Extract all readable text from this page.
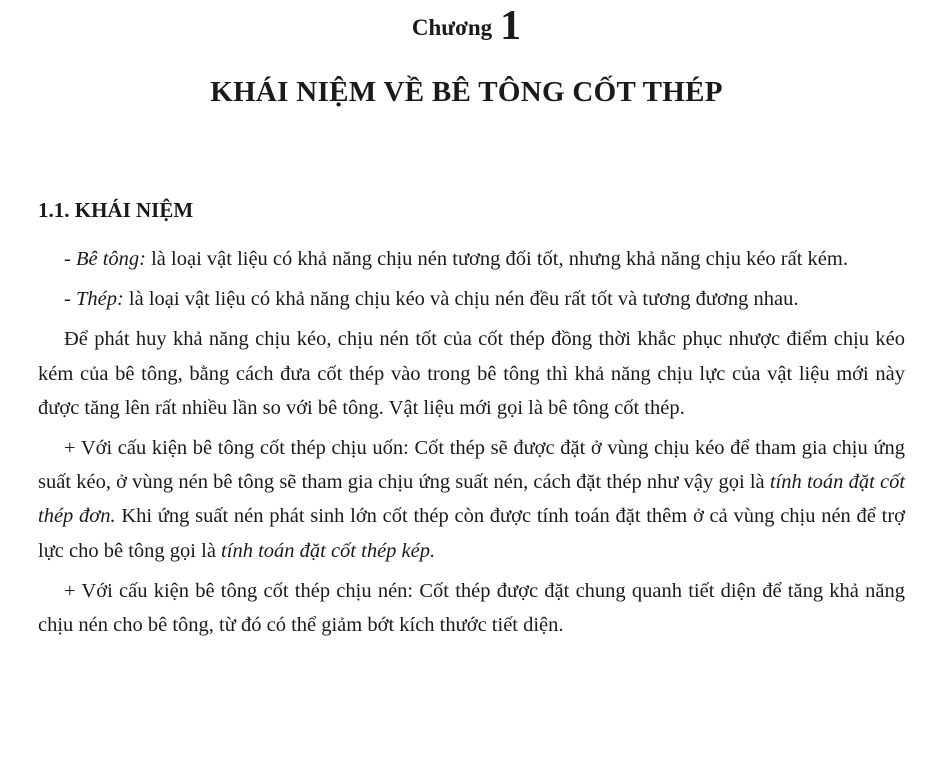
Chương 1
KHÁI NIỆM VỀ BÊ TÔNG CỐT THÉP
1.1. KHÁI NIỆM

- Bê tông: là loại vật liệu có khả năng chịu nén tương đối tốt, nhưng khả năng chịu kéo rất kém.

- Thép: là loại vật liệu có khả năng chịu kéo và chịu nén đều rất tốt và tương đương nhau.

Để phát huy khả năng chịu kéo, chịu nén tốt của cốt thép đồng thời khắc phục nhược điểm chịu kéo kém của bê tông, bằng cách đưa cốt thép vào trong bê tông thì khả năng chịu lực của vật liệu mới này được tăng lên rất nhiều lần so với bê tông. Vật liệu mới gọi là bê tông cốt thép.

+ Với cấu kiện bê tông cốt thép chịu uốn: Cốt thép sẽ được đặt ở vùng chịu kéo để tham gia chịu ứng suất kéo, ở vùng nén bê tông sẽ tham gia chịu ứng suất nén, cách đặt thép như vậy gọi là tính toán đặt cốt thép đơn. Khi ứng suất nén phát sinh lớn cốt thép còn được tính toán đặt thêm ở cả vùng chịu nén để trợ lực cho bê tông gọi là tính toán đặt cốt thép kép.

+ Với cấu kiện bê tông cốt thép chịu nén: Cốt thép được đặt chung quanh tiết diện để tăng khả năng chịu nén cho bê tông, từ đó có thể giảm bớt kích thước tiết diện.
